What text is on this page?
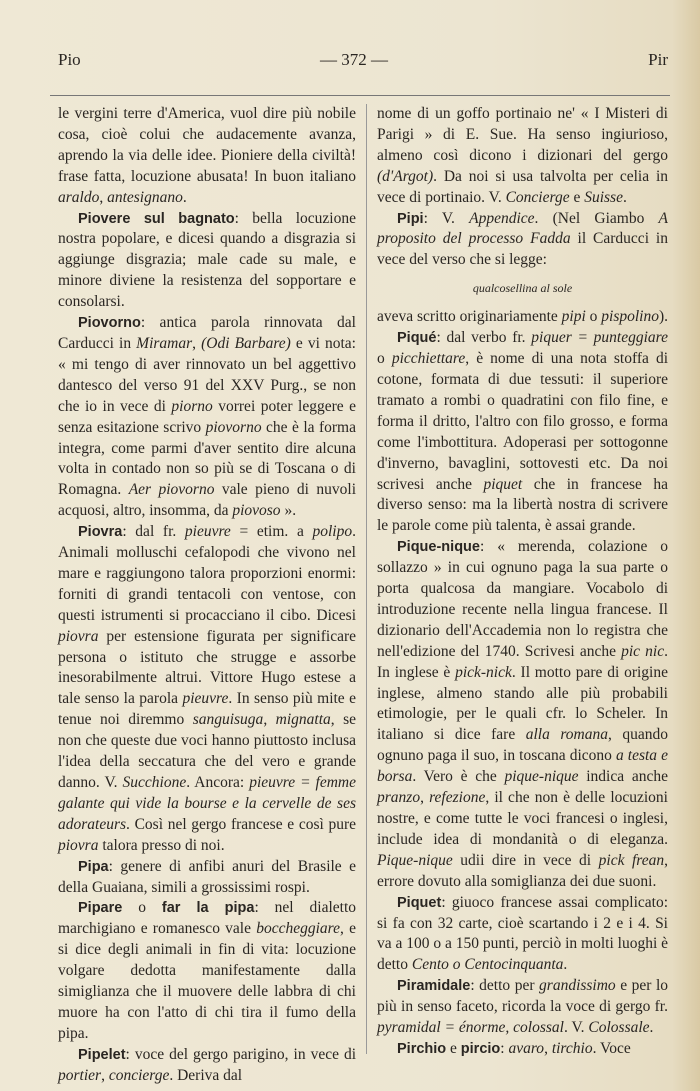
Pio	— 372 —	Pir

le vergini terre d'America, vuol dire più nobile cosa, cioè colui che audacemente avanza, aprendo la via delle idee. Pioniere della civiltà! frase fatta, locuzione abusata! In buon italiano araldo, antesignano.

Piovere sul bagnato: bella locuzione nostra popolare, e dicesi quando a disgrazia si aggiunge disgrazia; male cade su male, e minore diviene la resistenza del sopportare e consolarsi.

Piovorno: antica parola rinnovata dal Carducci in Miramar, (Odi Barbare) e vi nota: « mi tengo di aver rinnovato un bel aggettivo dantesco del verso 91 del XXV Purg., se non che io in vece di piorno vorrei poter leggere e senza esitazione scrivo piovorno che è la forma integra, come parmi d'aver sentito dire alcuna volta in contado non so più se di Toscana o di Romagna. Aer piovorno vale pieno di nuvoli acquosi, altro, insomma, da piovoso ».

Piovra: dal fr. pieuvre = etim. a polipo. Animali molluschi cefalopodi che vivono nel mare e raggiungono talora proporzioni enormi: forniti di grandi tentacoli con ventose, con questi istrumenti si procacciano il cibo. Dicesi piovra per estensione figurata per significare persona o istituto che strugge e assorbe inesorabilmente altrui. Vittore Hugo estese a tale senso la parola pieuvre. In senso più mite e tenue noi diremmo sanguisuga, mignatta, se non che queste due voci hanno piuttosto inclusa l'idea della seccatura che del vero e grande danno. V. Succhione. Ancora: pieuvre = femme galante qui vide la bourse e la cervelle de ses adorateurs. Così nel gergo francese e così pure piovra talora presso di noi.

Pipa: genere di anfibi anuri del Brasile e della Guaiana, simili a grossissimi rospi.

Pipare o far la pipa: nel dialetto marchigiano e romanesco vale boccheggiare, e si dice degli animali in fin di vita: locuzione volgare dedotta manifestamente dalla simiglianza che il muovere delle labbra di chi muore ha con l'atto di chi tira il fumo della pipa.

Pipelet: voce del gergo parigino, in vece di portier, concierge. Deriva dal

nome di un goffo portinaio ne' « I Misteri di Parigi » di E. Sue. Ha senso ingiurioso, almeno così dicono i dizionari del gergo (d'Argot). Da noi si usa talvolta per celia in vece di portinaio. V. Concierge e Suisse.

Pipi: V. Appendice. (Nel Giambo A proposito del processo Fadda il Carducci in vece del verso che si legge:

qualcosellina al sole

aveva scritto originariamente pipi o pispolino).

Piqué: dal verbo fr. piquer = punteggiare o picchiettare, è nome di una nota stoffa di cotone, formata di due tessuti: il superiore tramato a rombi o quadratini con filo fine, e forma il dritto, l'altro con filo grosso, e forma come l'imbottitura. Adoperasi per sottogonne d'inverno, bavaglini, sottovesti etc. Da noi scrivesi anche piquet che in francese ha diverso senso: ma la libertà nostra di scrivere le parole come più talenta, è assai grande.

Pique-nique: « merenda, colazione o sollazzo » in cui ognuno paga la sua parte o porta qualcosa da mangiare. Vocabolo di introduzione recente nella lingua francese. Il dizionario dell'Accademia non lo registra che nell'edizione del 1740. Scrivesi anche pic nic. In inglese è pick-nick. Il motto pare di origine inglese, almeno stando alle più probabili etimologie, per le quali cfr. lo Scheler. In italiano si dice fare alla romana, quando ognuno paga il suo, in toscana dicono a testa e borsa. Vero è che pique-nique indica anche pranzo, refezione, il che non è delle locuzioni nostre, e come tutte le voci francesi o inglesi, include idea di mondanità o di eleganza. Pique-nique udii dire in vece di pick frean, errore dovuto alla somiglianza dei due suoni.

Piquet: giuoco francese assai complicato: si fa con 32 carte, cioè scartando i 2 e i 4. Si va a 100 o a 150 punti, perciò in molti luoghi è detto Cento o Centocinquanta.

Piramidale: detto per grandissimo e per lo più in senso faceto, ricorda la voce di gergo fr. pyramidal = énorme, colossal. V. Colossale.

Pirchio e pircio: avaro, tirchio. Voce
